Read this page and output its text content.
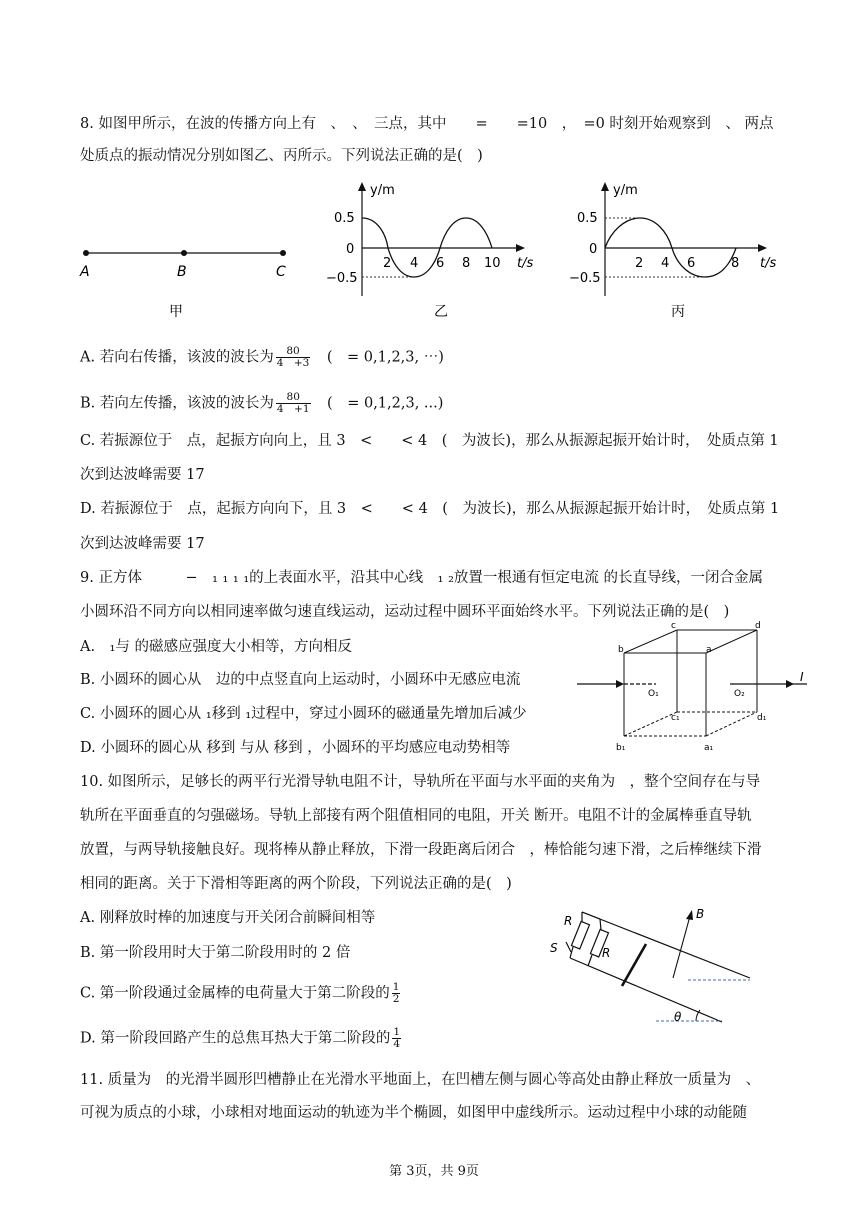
8. 如图甲所示，在波的传播方向上有　、　、　三点，其中　　=　　=10　，　=0 时刻开始观察到　、 两点
处质点的振动情况分别如图乙、丙所示。下列说法正确的是(　)
A	B	C
甲
y/m
t/s
0.5
0
−0.5
2 4 6 8 10
乙
y/m
t/s
0.5
0
−0.5
2 4 6	8
丙
A. 若向右传播，该波的波长为 $\frac{80}{4 +3}$ 　(　= 0,1,2,3, ⋯)
B. 若向左传播，该波的波长为 $\frac{80}{4 +1}$ 　(　= 0,1,2,3, ...)
C. 若振源位于　点，起振方向向上，且 3　<　　< 4　(　为波长)，那么从振源起振开始计时，　处质点第 1
次到达波峰需要 17
D. 若振源位于　点，起振方向向下，且 3　<　　< 4　(　为波长)，那么从振源起振开始计时，　处质点第 1
次到达波峰需要 17
9. 正方体　　　−　₁ ₁ ₁ ₁的上表面水平，沿其中心线　₁ ₂放置一根通有恒定电流 的长直导线，一闭合金属
小圆环沿不同方向以相同速率做匀速直线运动，运动过程中圆环平面始终水平。下列说法正确的是(　)
A.　₁与 的磁感应强度大小相等，方向相反
B. 小圆环的圆心从　边的中点竖直向上运动时，小圆环中无感应电流
C. 小圆环的圆心从 ₁移到 ₁过程中，穿过小圆环的磁通量先增加后减少
D. 小圆环的圆心从 移到 与从 移到 ，小圆环的平均感应电动势相等
c	d
b	a
O₁	O₂
I
c₁	d₁
b₁	a₁
10. 如图所示，足够长的两平行光滑导轨电阻不计，导轨所在平面与水平面的夹角为　，整个空间存在与导
轨所在平面垂直的匀强磁场。导轨上部接有两个阻值相同的电阻，开关 断开。电阻不计的金属棒垂直导轨
放置，与两导轨接触良好。现将棒从静止释放，下滑一段距离后闭合　，棒恰能匀速下滑，之后棒继续下滑
相同的距离。关于下滑相等距离的两个阶段，下列说法正确的是(　)
A. 刚释放时棒的加速度与开关闭合前瞬间相等
B. 第一阶段用时大于第二阶段用时的 2 倍
C. 第一阶段通过金属棒的电荷量大于第二阶段的 $\frac{1}{2}$
D. 第一阶段回路产生的总焦耳热大于第二阶段的 $\frac{1}{4}$
R
S	R
B
θ
11. 质量为　的光滑半圆形凹槽静止在光滑水平地面上，在凹槽左侧与圆心等高处由静止释放一质量为　、
可视为质点的小球，小球相对地面运动的轨迹为半个椭圆，如图甲中虚线所示。运动过程中小球的动能随
第 3页，共 9页
